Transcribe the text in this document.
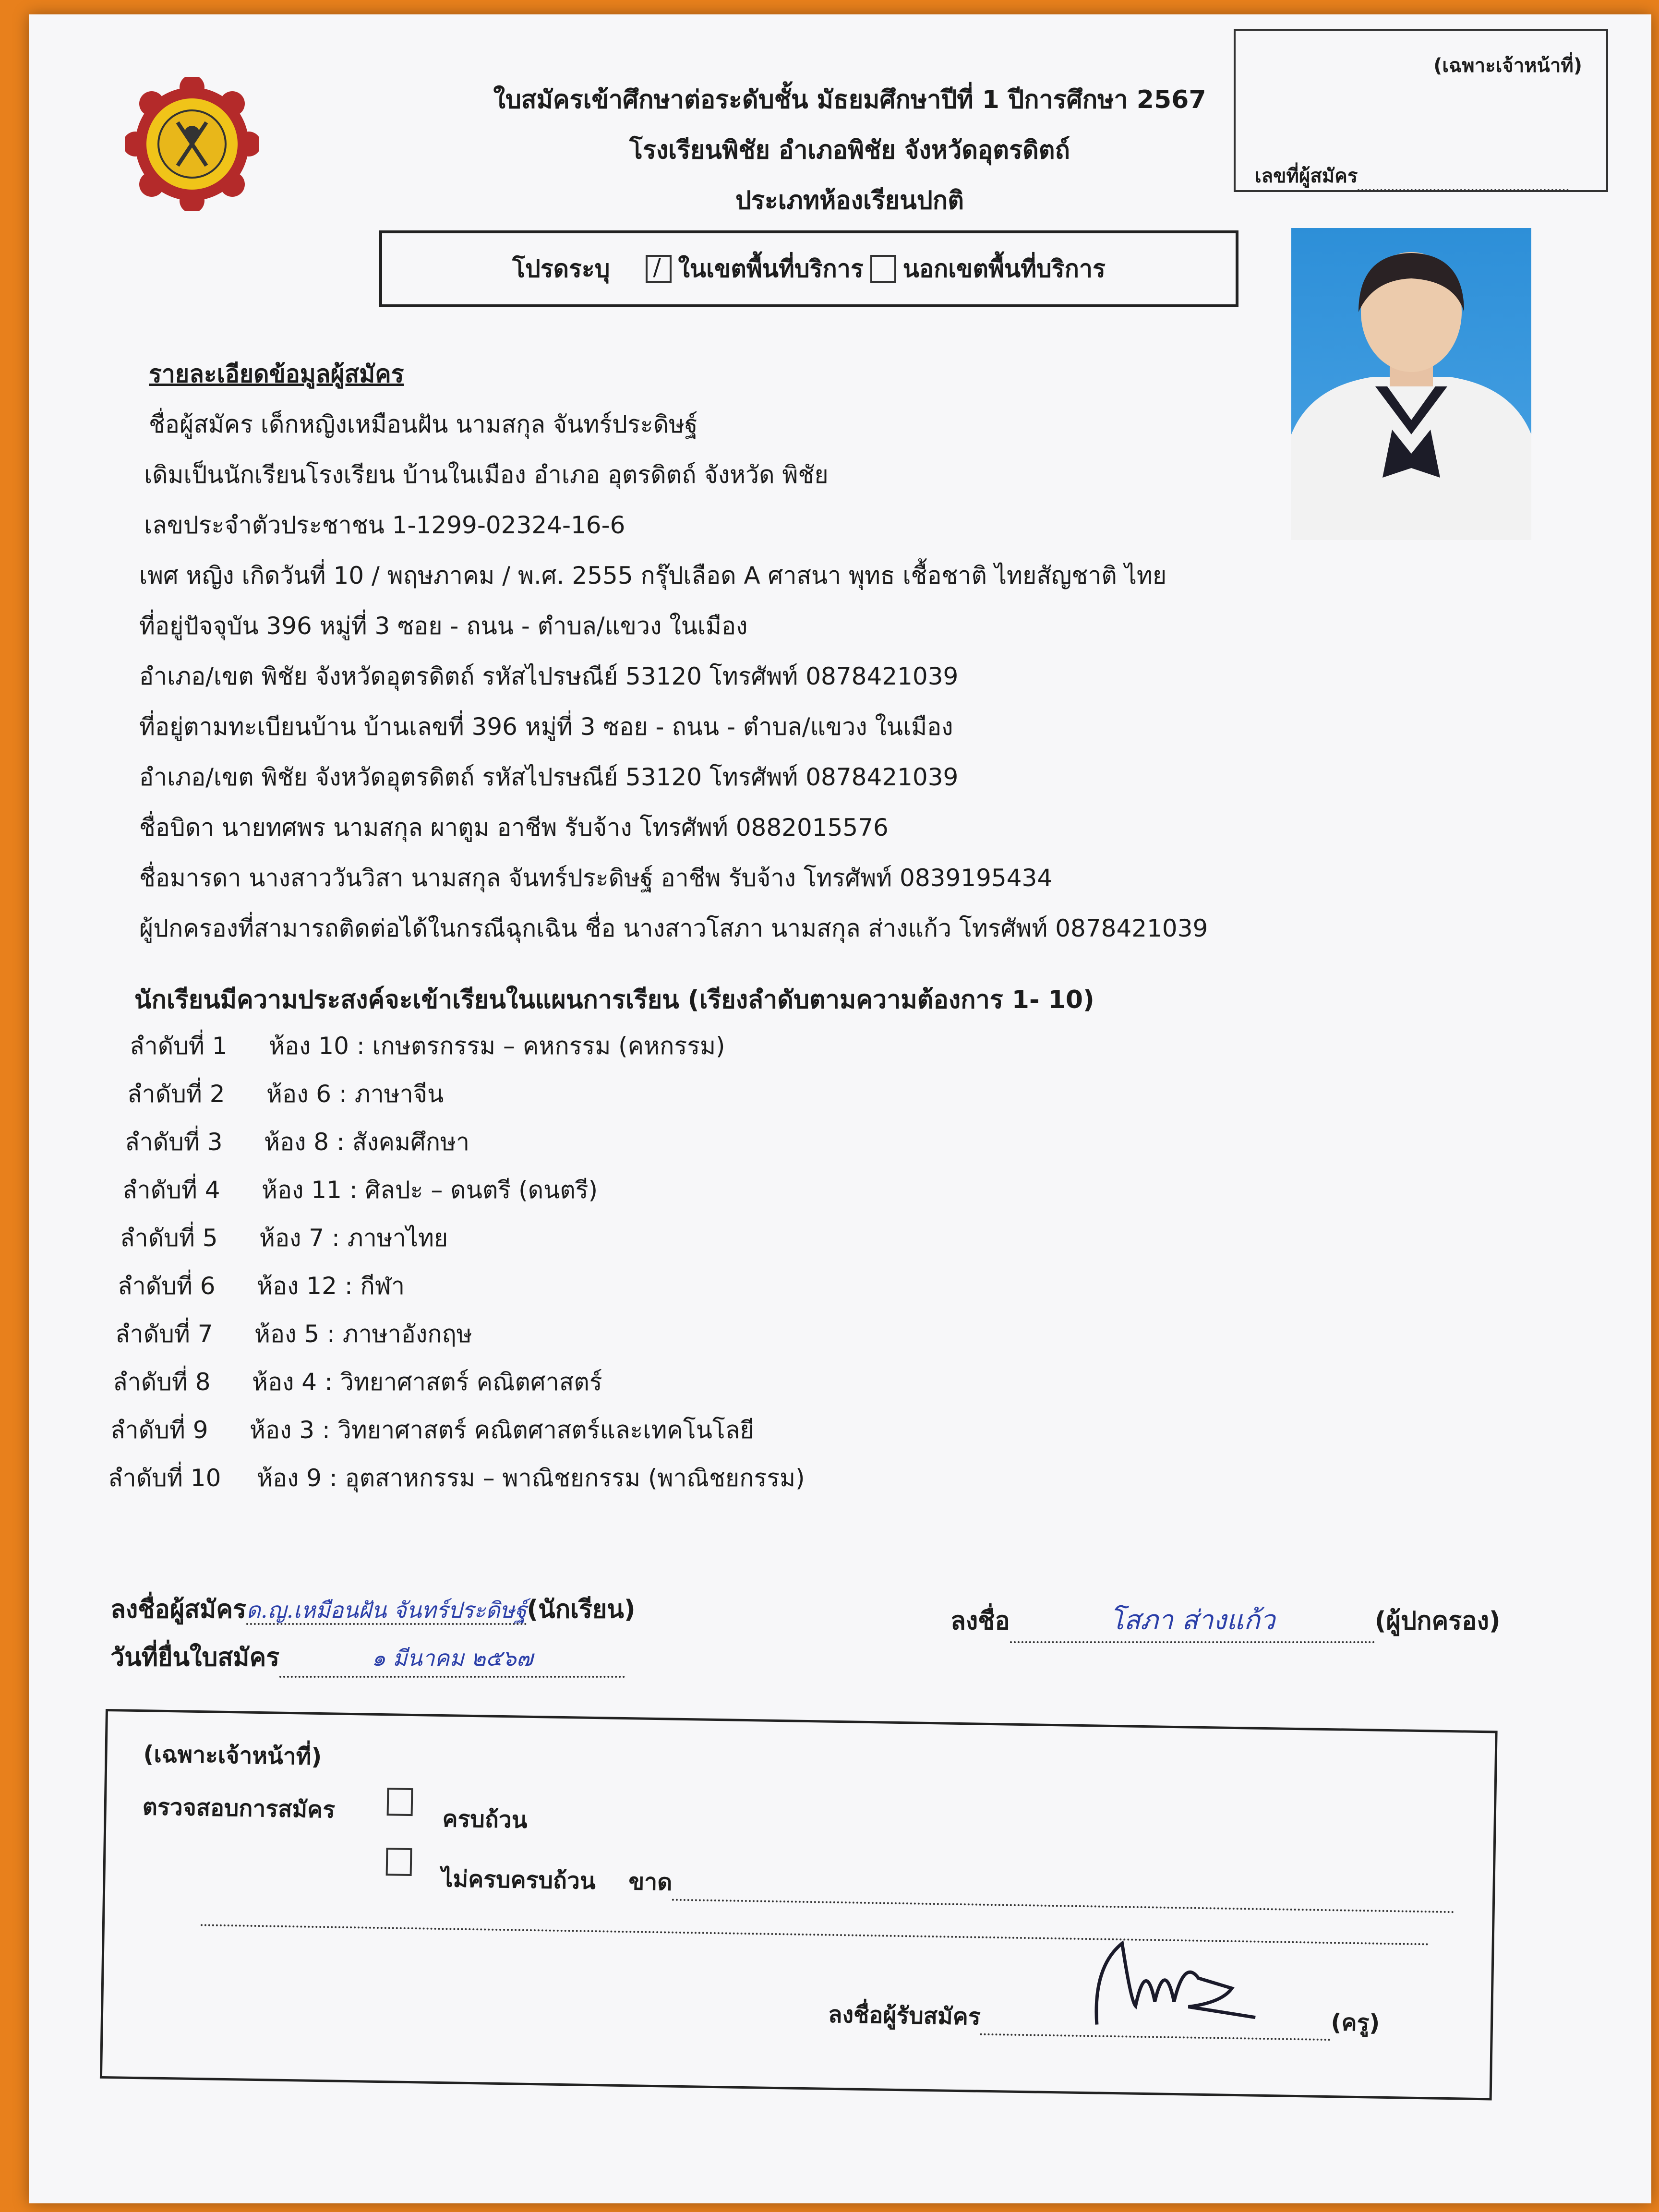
ใบสมัครเข้าศึกษาต่อระดับชั้น มัธยมศึกษาปีที่ 1 ปีการศึกษา 2567
โรงเรียนพิชัย อำเภอพิชัย จังหวัดอุตรดิตถ์
ประเภทห้องเรียนปกติ
(เฉพาะเจ้าหน้าที่)
เลขที่ผู้สมัคร
โปรดระบุ
/	ในเขตพื้นที่บริการ นอกเขตพื้นที่บริการ
รายละเอียดข้อมูลผู้สมัคร
ชื่อผู้สมัคร เด็กหญิงเหมือนฝัน นามสกุล จันทร์ประดิษฐ์
เดิมเป็นนักเรียนโรงเรียน บ้านในเมือง อำเภอ อุตรดิตถ์ จังหวัด พิชัย
เลขประจำตัวประชาชน 1-1299-02324-16-6
เพศ หญิง เกิดวันที่ 10 / พฤษภาคม / พ.ศ. 2555 กรุ๊ปเลือด A ศาสนา พุทธ เชื้อชาติ ไทยสัญชาติ ไทย
ที่อยู่ปัจจุบัน 396 หมู่ที่ 3 ซอย - ถนน - ตำบล/แขวง ในเมือง
อำเภอ/เขต พิชัย จังหวัดอุตรดิตถ์ รหัสไปรษณีย์ 53120 โทรศัพท์ 0878421039
ที่อยู่ตามทะเบียนบ้าน บ้านเลขที่ 396 หมู่ที่ 3 ซอย - ถนน - ตำบล/แขวง ในเมือง
อำเภอ/เขต พิชัย จังหวัดอุตรดิตถ์ รหัสไปรษณีย์ 53120 โทรศัพท์ 0878421039
ชื่อบิดา นายทศพร นามสกุล ผาตูม อาชีพ รับจ้าง โทรศัพท์ 0882015576
ชื่อมารดา นางสาววันวิสา นามสกุล จันทร์ประดิษฐ์ อาชีพ รับจ้าง โทรศัพท์ 0839195434
ผู้ปกครองที่สามารถติดต่อได้ในกรณีฉุกเฉิน ชื่อ นางสาวโสภา นามสกุล ส่างแก้ว โทรศัพท์ 0878421039
นักเรียนมีความประสงค์จะเข้าเรียนในแผนการเรียน (เรียงลำดับตามความต้องการ 1- 10)
ลำดับที่ 1 ห้อง 10 : เกษตรกรรม – คหกรรม (คหกรรม)
ลำดับที่ 2 ห้อง 6 : ภาษาจีน
ลำดับที่ 3 ห้อง 8 : สังคมศึกษา
ลำดับที่ 4 ห้อง 11 : ศิลปะ – ดนตรี (ดนตรี)
ลำดับที่ 5 ห้อง 7 : ภาษาไทย
ลำดับที่ 6 ห้อง 12 : กีฬา
ลำดับที่ 7 ห้อง 5 : ภาษาอังกฤษ
ลำดับที่ 8 ห้อง 4 : วิทยาศาสตร์ คณิตศาสตร์
ลำดับที่ 9 ห้อง 3 : วิทยาศาสตร์ คณิตศาสตร์และเทคโนโลยี
ลำดับที่ 10 ห้อง 9 : อุตสาหกรรม – พาณิชยกรรม (พาณิชยกรรม)
ลงชื่อผู้สมัครด.ญ.เหมือนฝัน จันทร์ประดิษฐ์(นักเรียน)
วันที่ยื่นใบสมัคร	๑ มีนาคม ๒๕๖๗
ลงชื่อ	โสภา ส่างแก้ว	(ผู้ปกครอง)
(เฉพาะเจ้าหน้าที่)
ตรวจสอบการสมัคร	ครบถ้วน
ไม่ครบครบถ้วน ขาด
ลงชื่อผู้รับสมัคร	(ครู)
